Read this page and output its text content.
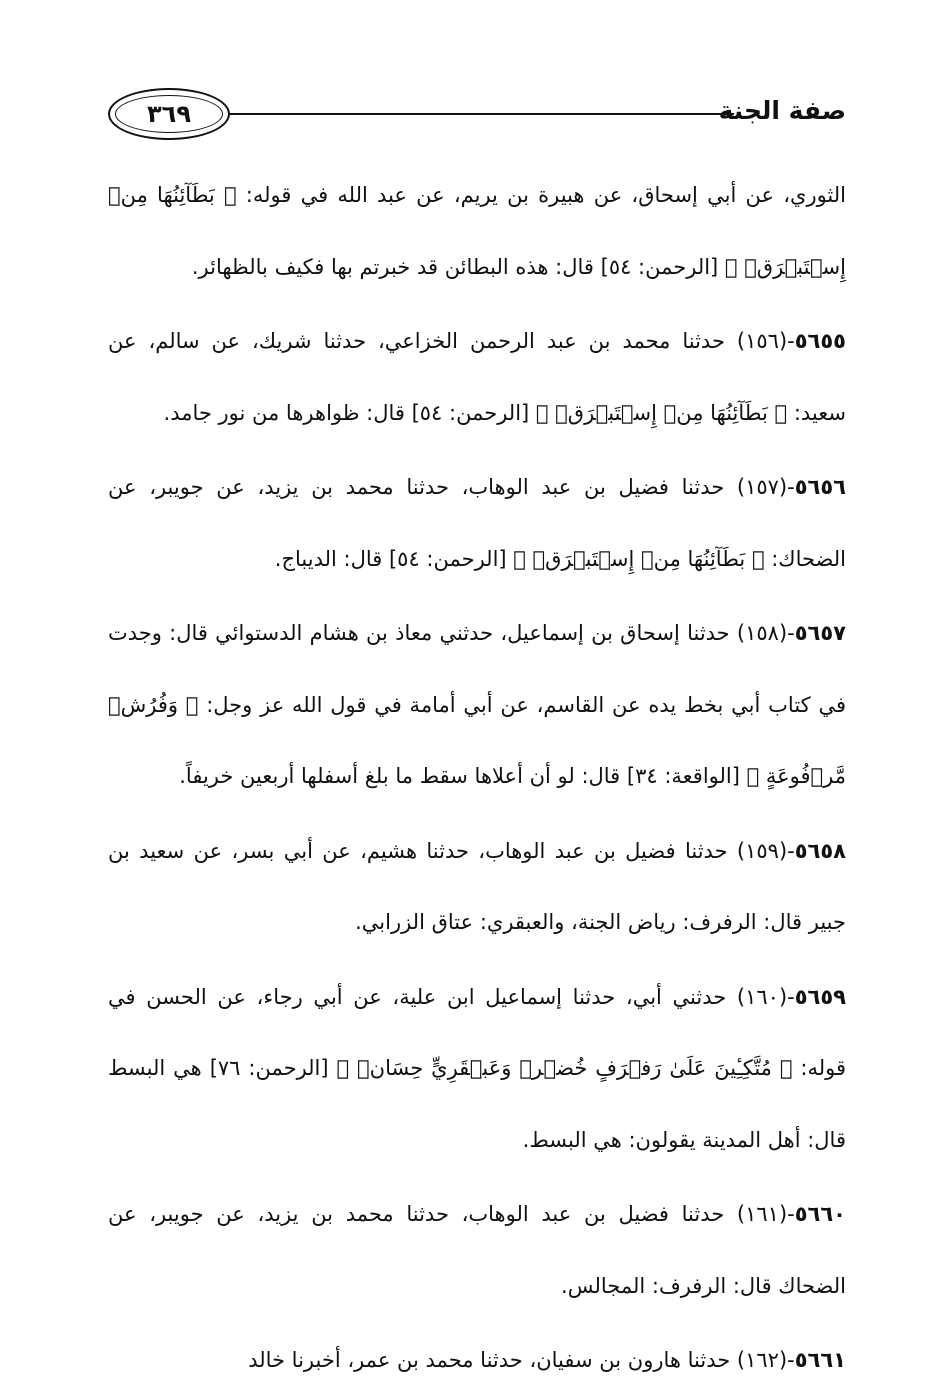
٣٦٩	صفة الجنة

الثوري، عن أبي إسحاق، عن هبيرة بن يريم، عن عبد الله في قوله: ﴿ بَطَآئِنُهَا مِنۡ إِسۡتَبۡرَقٖ ﴾ [الرحمن: ٥٤] قال: هذه البطائن قد خبرتم بها فكيف بالظهائر.

٥٦٥٥-(١٥٦) حدثنا محمد بن عبد الرحمن الخزاعي، حدثنا شريك، عن سالم، عن سعيد: ﴿ بَطَآئِنُهَا مِنۡ إِسۡتَبۡرَقٖ ﴾ [الرحمن: ٥٤] قال: ظواهرها من نور جامد.

٥٦٥٦-(١٥٧) حدثنا فضيل بن عبد الوهاب، حدثنا محمد بن يزيد، عن جويبر، عن الضحاك: ﴿ بَطَآئِنُهَا مِنۡ إِسۡتَبۡرَقٖ ﴾ [الرحمن: ٥٤] قال: الديباج.

٥٦٥٧-(١٥٨) حدثنا إسحاق بن إسماعيل، حدثني معاذ بن هشام الدستوائي قال: وجدت في كتاب أبي بخط يده عن القاسم، عن أبي أمامة في قول الله عز وجل: ﴿ وَفُرُشٖ مَّرۡفُوعَةٍ ﴾ [الواقعة: ٣٤] قال: لو أن أعلاها سقط ما بلغ أسفلها أربعين خريفاً.

٥٦٥٨-(١٥٩) حدثنا فضيل بن عبد الوهاب، حدثنا هشيم، عن أبي بسر، عن سعيد بن جبير قال: الرفرف: رياض الجنة، والعبقري: عتاق الزرابي.

٥٦٥٩-(١٦٠) حدثني أبي، حدثنا إسماعيل ابن علية، عن أبي رجاء، عن الحسن في قوله: ﴿ مُتَّكِـِٔينَ عَلَىٰ رَفۡرَفٍ خُضۡرٖ وَعَبۡقَرِيٍّ حِسَانٖ ﴾ [الرحمن: ٧٦] هي البسط قال: أهل المدينة يقولون: هي البسط.

٥٦٦٠-(١٦١) حدثنا فضيل بن عبد الوهاب، حدثنا محمد بن يزيد، عن جويبر، عن الضحاك قال: الرفرف: المجالس.

٥٦٦١-(١٦٢) حدثنا هارون بن سفيان، حدثنا محمد بن عمر، أخبرنا خالد
